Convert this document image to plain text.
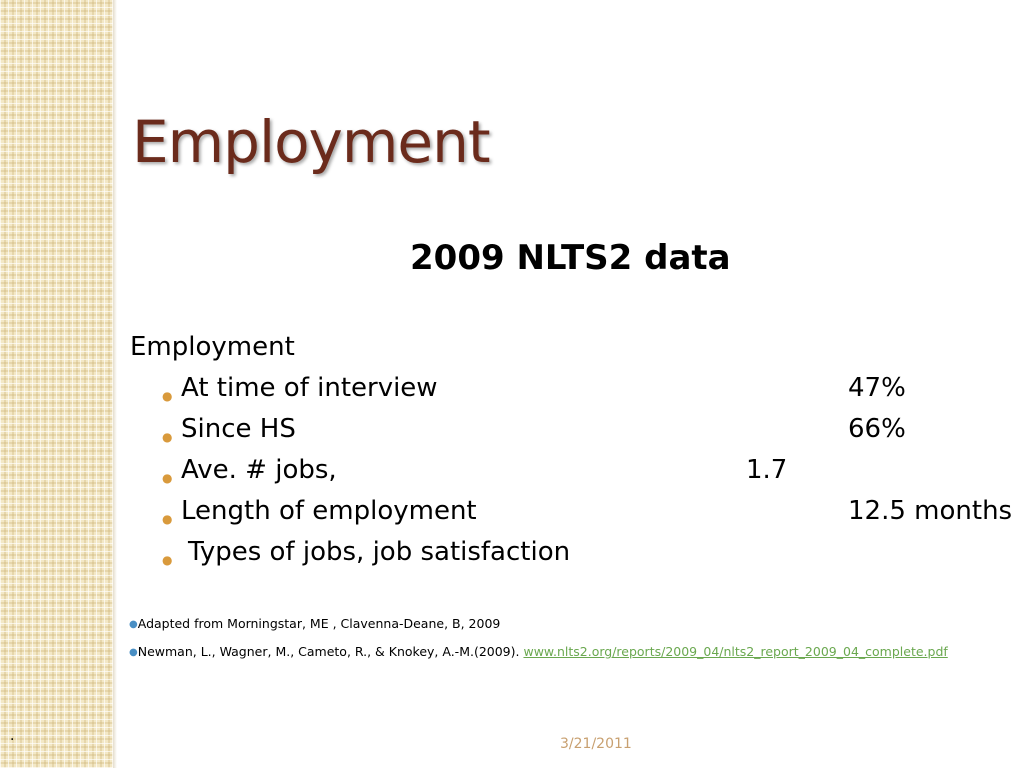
Employment
2009 NLTS2 data
Employment
● At time of interview	47%
● Since HS	66%
● Ave. # jobs,	1.7
● Length of employment	12.5 months
● Types of jobs, job satisfaction
●Adapted from Morningstar, ME , Clavenna-Deane, B, 2009
●Newman, L., Wagner, M., Cameto, R., & Knokey, A.-M.(2009). www.nlts2.org/reports/2009_04/nlts2_report_2009_04_complete.pdf
3/21/2011
.
